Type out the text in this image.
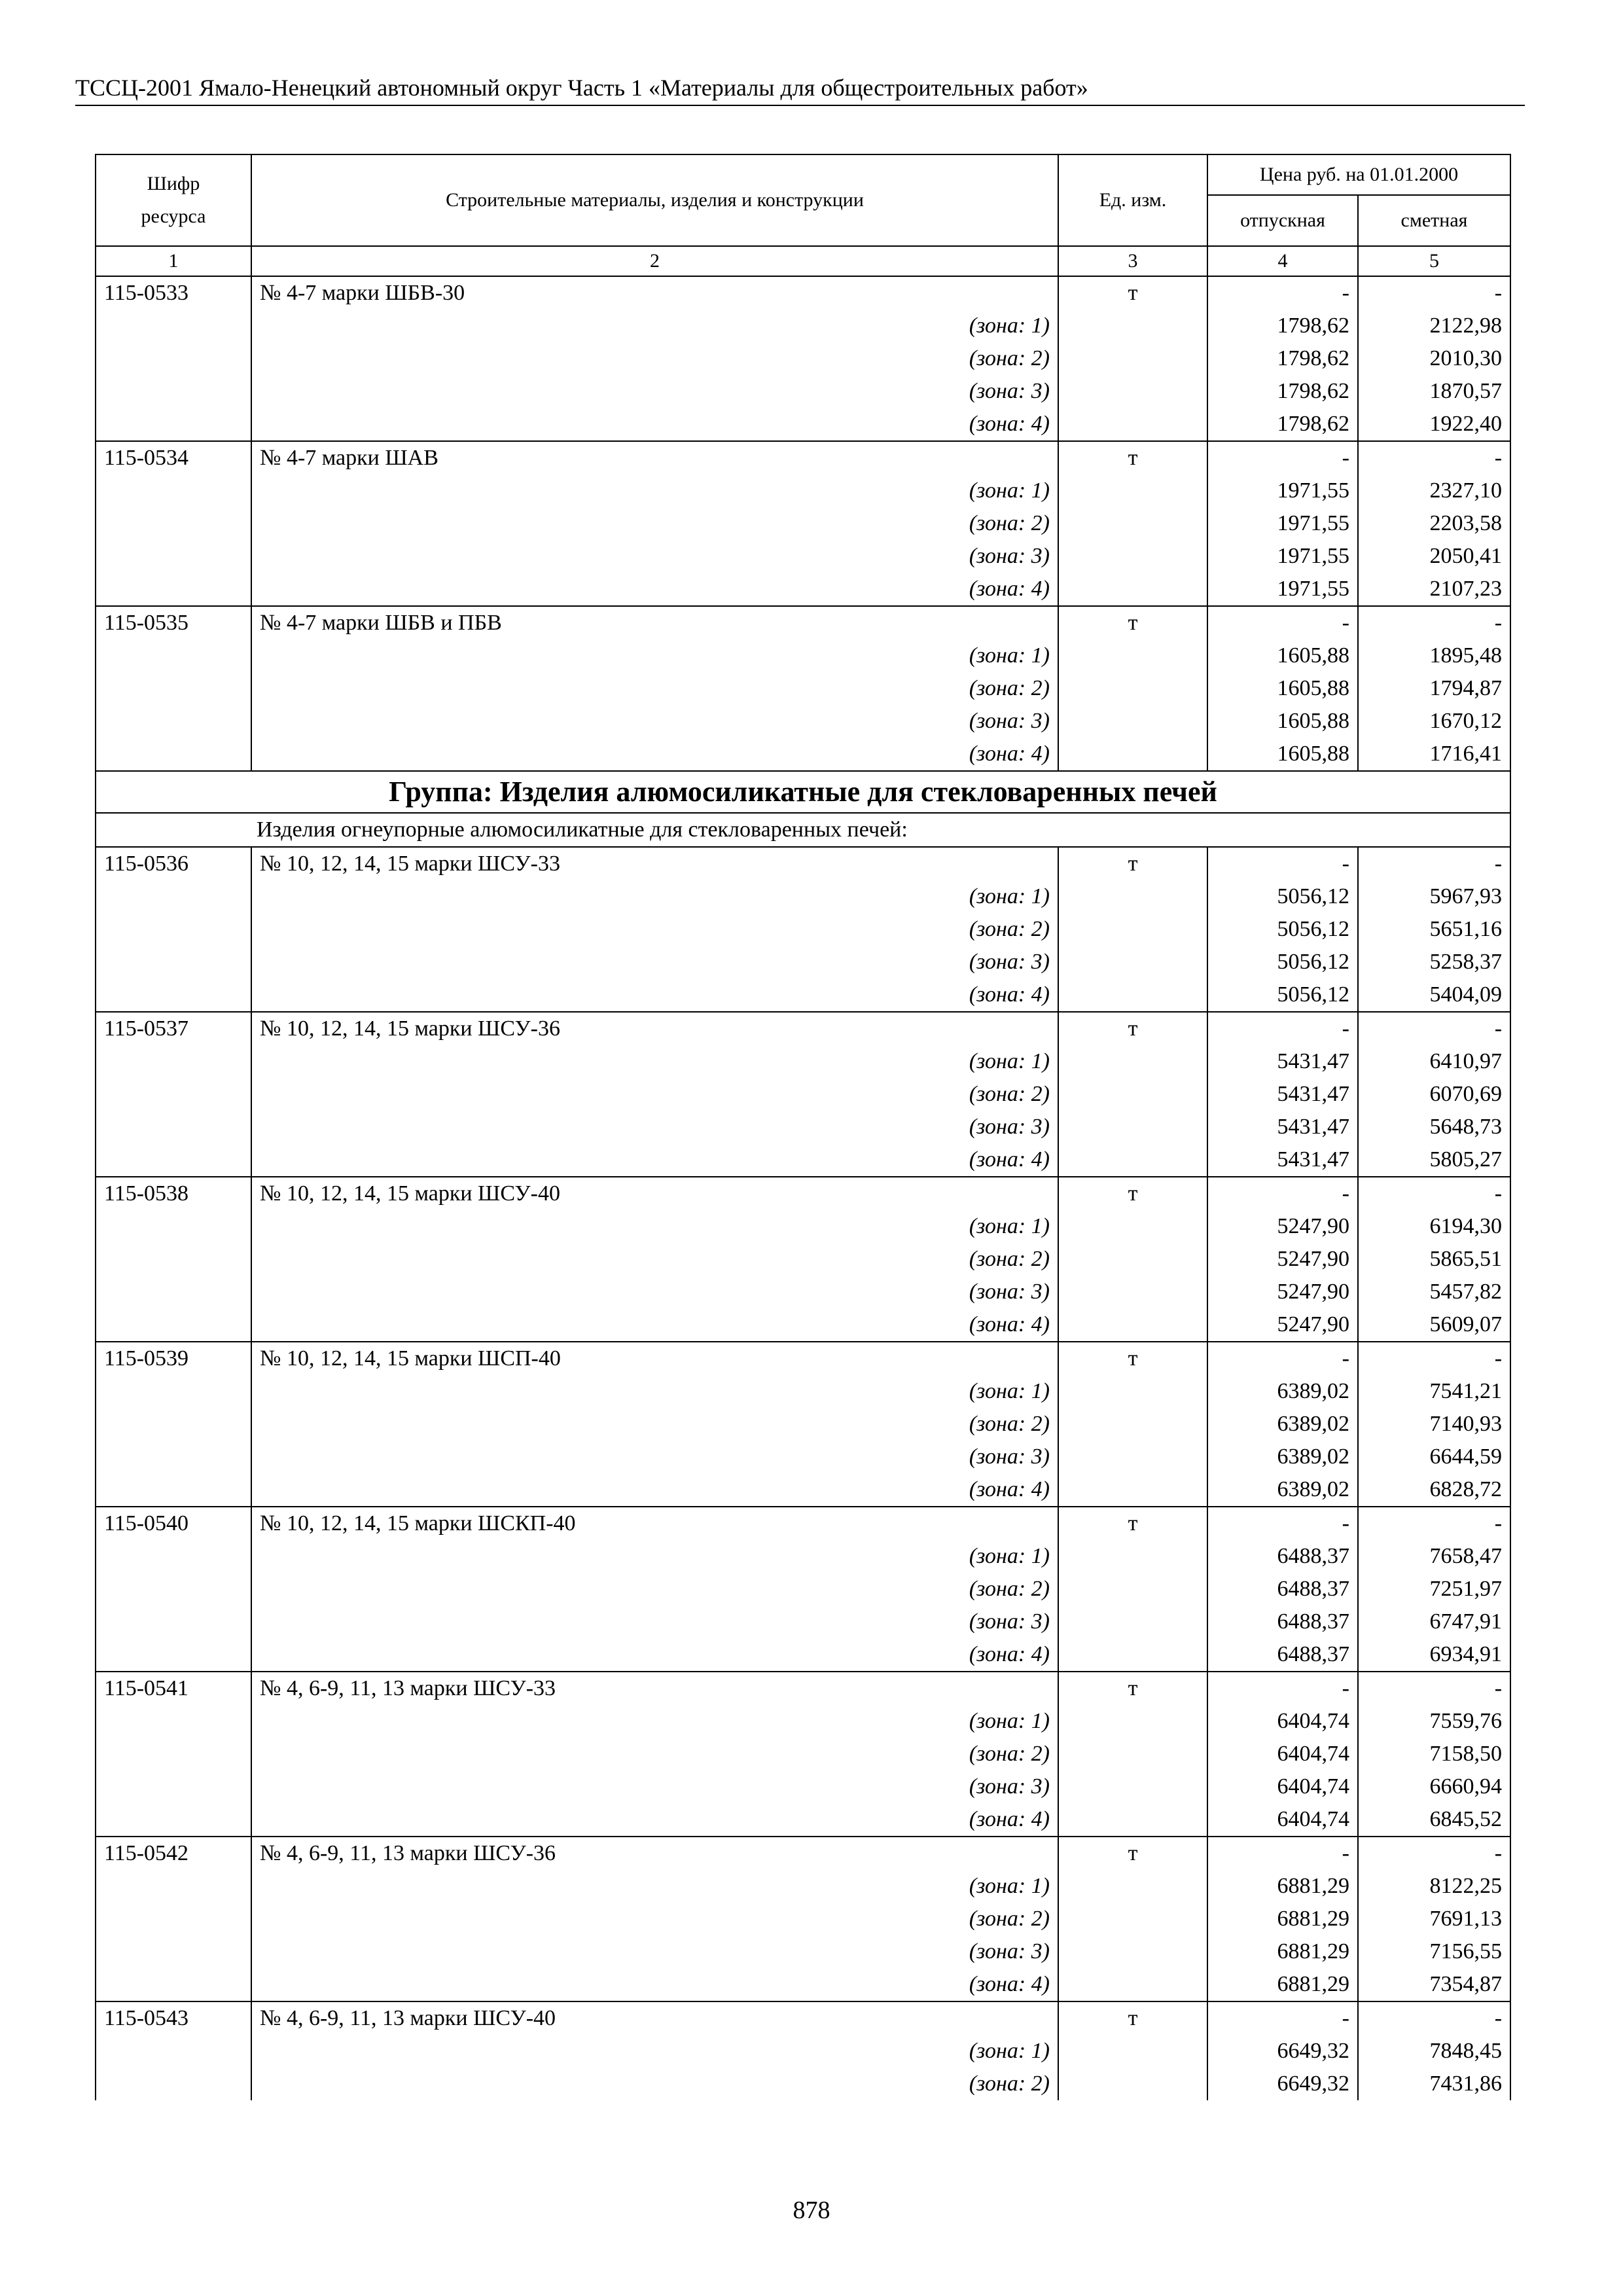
ТССЦ-2001 Ямало-Ненецкий автономный округ Часть 1 «Материалы для общестроительных работ»
Шифр ресурса	Строительные материалы, изделия и конструкции	Ед. изм.	Цена руб. на 01.01.2000	
			отпускная	сметная
1	2	3	4	5
115-0533	№ 4-7 марки ШБВ-30	т	-	-
	(зона: 1)		1798,62	2122,98
	(зона: 2)		1798,62	2010,30
	(зона: 3)		1798,62	1870,57
	(зона: 4)		1798,62	1922,40
115-0534	№ 4-7 марки ШАВ	т	-	-
	(зона: 1)		1971,55	2327,10
	(зона: 2)		1971,55	2203,58
	(зона: 3)		1971,55	2050,41
	(зона: 4)		1971,55	2107,23
115-0535	№ 4-7 марки ШБВ и ПБВ	т	-	-
	(зона: 1)		1605,88	1895,48
	(зона: 2)		1605,88	1794,87
	(зона: 3)		1605,88	1670,12
	(зона: 4)		1605,88	1716,41
Группа: Изделия алюмосиликатные для стекловаренных печей				
Изделия огнеупорные алюмосиликатные для стекловаренных печей:				
115-0536	№ 10, 12, 14, 15 марки ШСУ-33	т	-	-
	(зона: 1)		5056,12	5967,93
	(зона: 2)		5056,12	5651,16
	(зона: 3)		5056,12	5258,37
	(зона: 4)		5056,12	5404,09
115-0537	№ 10, 12, 14, 15 марки ШСУ-36	т	-	-
	(зона: 1)		5431,47	6410,97
	(зона: 2)		5431,47	6070,69
	(зона: 3)		5431,47	5648,73
	(зона: 4)		5431,47	5805,27
115-0538	№ 10, 12, 14, 15 марки ШСУ-40	т	-	-
	(зона: 1)		5247,90	6194,30
	(зона: 2)		5247,90	5865,51
	(зона: 3)		5247,90	5457,82
	(зона: 4)		5247,90	5609,07
115-0539	№ 10, 12, 14, 15 марки ШСП-40	т	-	-
	(зона: 1)		6389,02	7541,21
	(зона: 2)		6389,02	7140,93
	(зона: 3)		6389,02	6644,59
	(зона: 4)		6389,02	6828,72
115-0540	№ 10, 12, 14, 15 марки ШСКП-40	т	-	-
	(зона: 1)		6488,37	7658,47
	(зона: 2)		6488,37	7251,97
	(зона: 3)		6488,37	6747,91
	(зона: 4)		6488,37	6934,91
115-0541	№ 4, 6-9, 11, 13 марки ШСУ-33	т	-	-
	(зона: 1)		6404,74	7559,76
	(зона: 2)		6404,74	7158,50
	(зона: 3)		6404,74	6660,94
	(зона: 4)		6404,74	6845,52
115-0542	№ 4, 6-9, 11, 13 марки ШСУ-36	т	-	-
	(зона: 1)		6881,29	8122,25
	(зона: 2)		6881,29	7691,13
	(зона: 3)		6881,29	7156,55
	(зона: 4)		6881,29	7354,87
115-0543	№ 4, 6-9, 11, 13 марки ШСУ-40	т	-	-
	(зона: 1)		6649,32	7848,45
	(зона: 2)		6649,32	7431,86
878
